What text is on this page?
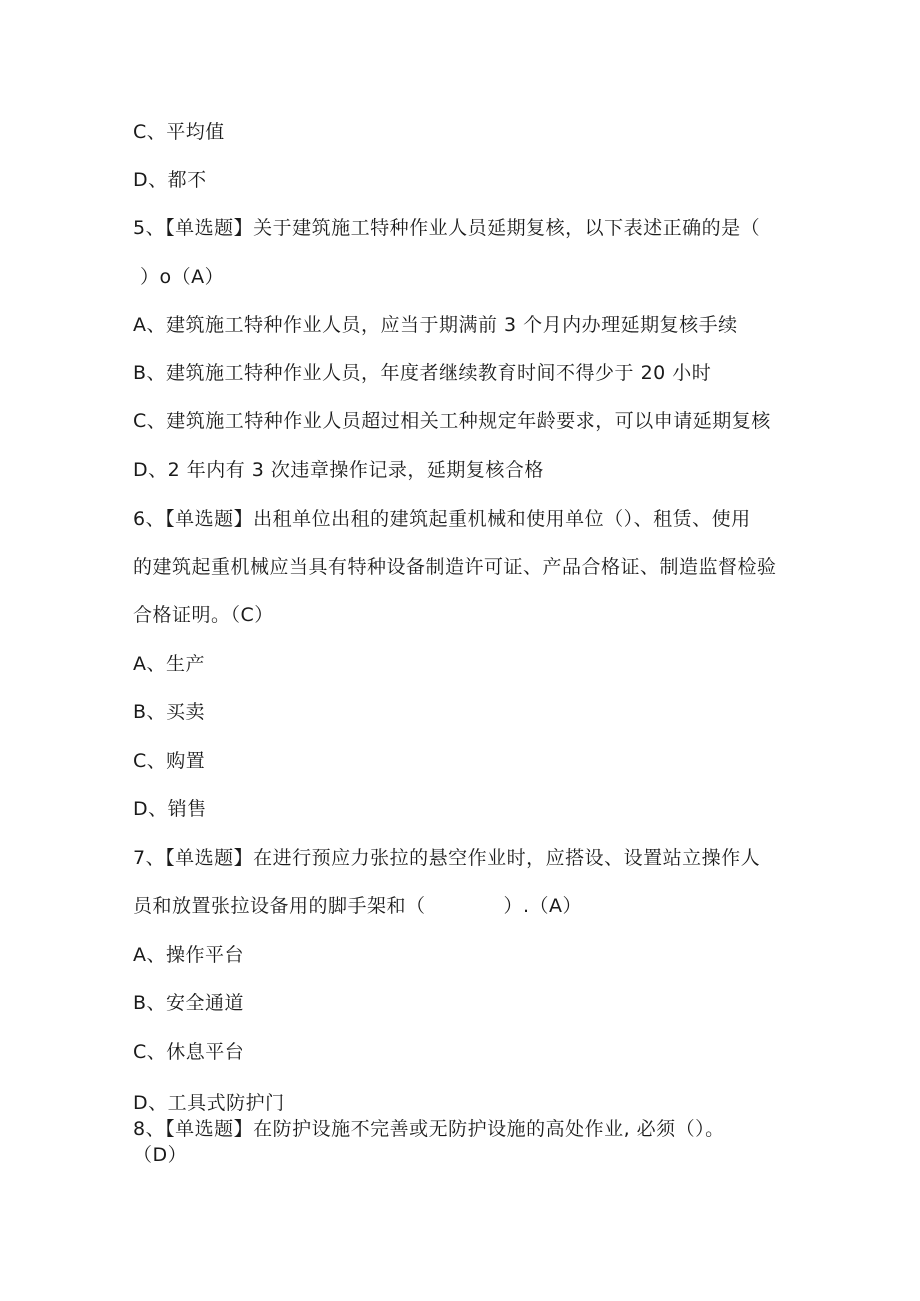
C、平均值
D、都不
5、【单选题】关于建筑施工特种作业人员延期复核，以下表述正确的是（
）o（A）
A、建筑施工特种作业人员，应当于期满前 3 个月内办理延期复核手续
B、建筑施工特种作业人员，年度者继续教育时间不得少于 20 小时
C、建筑施工特种作业人员超过相关工种规定年龄要求，可以申请延期复核
D、2 年内有 3 次违章操作记录，延期复核合格
6、【单选题】出租单位出租的建筑起重机械和使用单位（）、租赁、使用
的建筑起重机械应当具有特种设备制造许可证、产品合格证、制造监督检验
合格证明。（C）
A、生产
B、买卖
C、购置
D、销售
7、【单选题】在进行预应力张拉的悬空作业时，应搭设、设置站立操作人
员和放置张拉设备用的脚手架和（　　　　）.（A）
A、操作平台
B、安全通道
C、休息平台
D、工具式防护门
8、【单选题】在防护设施不完善或无防护设施的高处作业, 必须（）。
（D）
